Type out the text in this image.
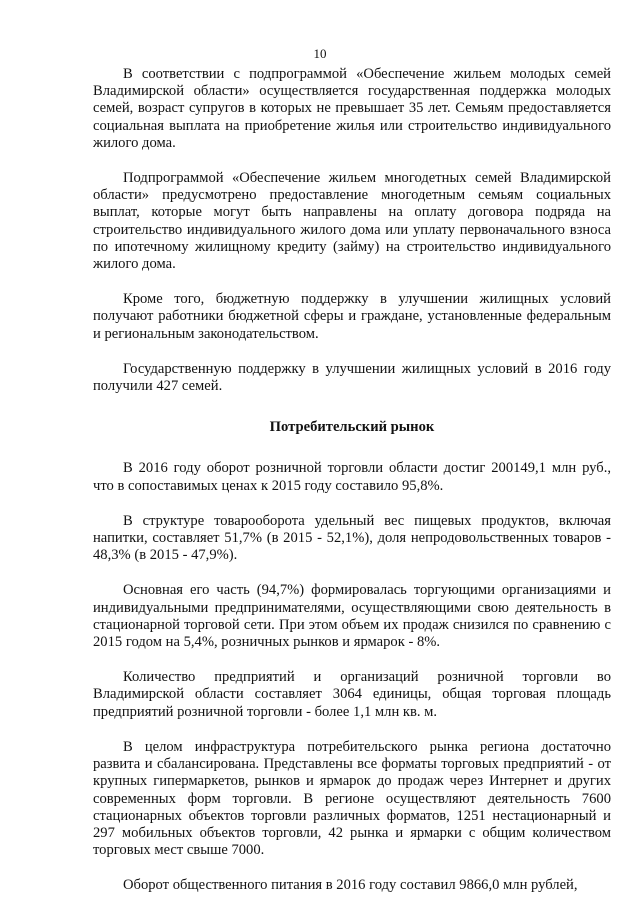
10

В соответствии с подпрограммой «Обеспечение жильем молодых семей Владимирской области» осуществляется государственная поддержка молодых семей, возраст супругов в которых не превышает 35 лет. Семьям предоставляется социальная выплата на приобретение жилья или строительство индивидуального жилого дома.

Подпрограммой «Обеспечение жильем многодетных семей Владимирской области» предусмотрено предоставление многодетным семьям социальных выплат, которые могут быть направлены на оплату договора подряда на строительство индивидуального жилого дома или уплату первоначального взноса по ипотечному жилищному кредиту (займу) на строительство индивидуального жилого дома.

Кроме того, бюджетную поддержку в улучшении жилищных условий получают работники бюджетной сферы и граждане, установленные федеральным и региональным законодательством.

Государственную поддержку в улучшении жилищных условий в 2016 году получили 427 семей.

Потребительский рынок

В 2016 году оборот розничной торговли области достиг 200149,1 млн руб., что в сопоставимых ценах к 2015 году составило 95,8%.

В структуре товарооборота удельный вес пищевых продуктов, включая напитки, составляет 51,7% (в 2015 - 52,1%), доля непродовольственных товаров - 48,3% (в 2015 - 47,9%).

Основная его часть (94,7%) формировалась торгующими организациями и индивидуальными предпринимателями, осуществляющими свою деятельность в стационарной торговой сети. При этом объем их продаж снизился по сравнению с 2015 годом на 5,4%, розничных рынков и ярмарок - 8%.

Количество предприятий и организаций розничной торговли во Владимирской области составляет 3064 единицы, общая торговая площадь предприятий розничной торговли - более 1,1 млн кв. м.

В целом инфраструктура потребительского рынка региона достаточно развита и сбалансирована. Представлены все форматы торговых предприятий - от крупных гипермаркетов, рынков и ярмарок до продаж через Интернет и других современных форм торговли. В регионе осуществляют деятельность 7600 стационарных объектов торговли различных форматов, 1251 нестационарный и 297 мобильных объектов торговли, 42 рынка и ярмарки с общим количеством торговых мест свыше 7000.

Оборот общественного питания в 2016 году составил 9866,0 млн рублей,
